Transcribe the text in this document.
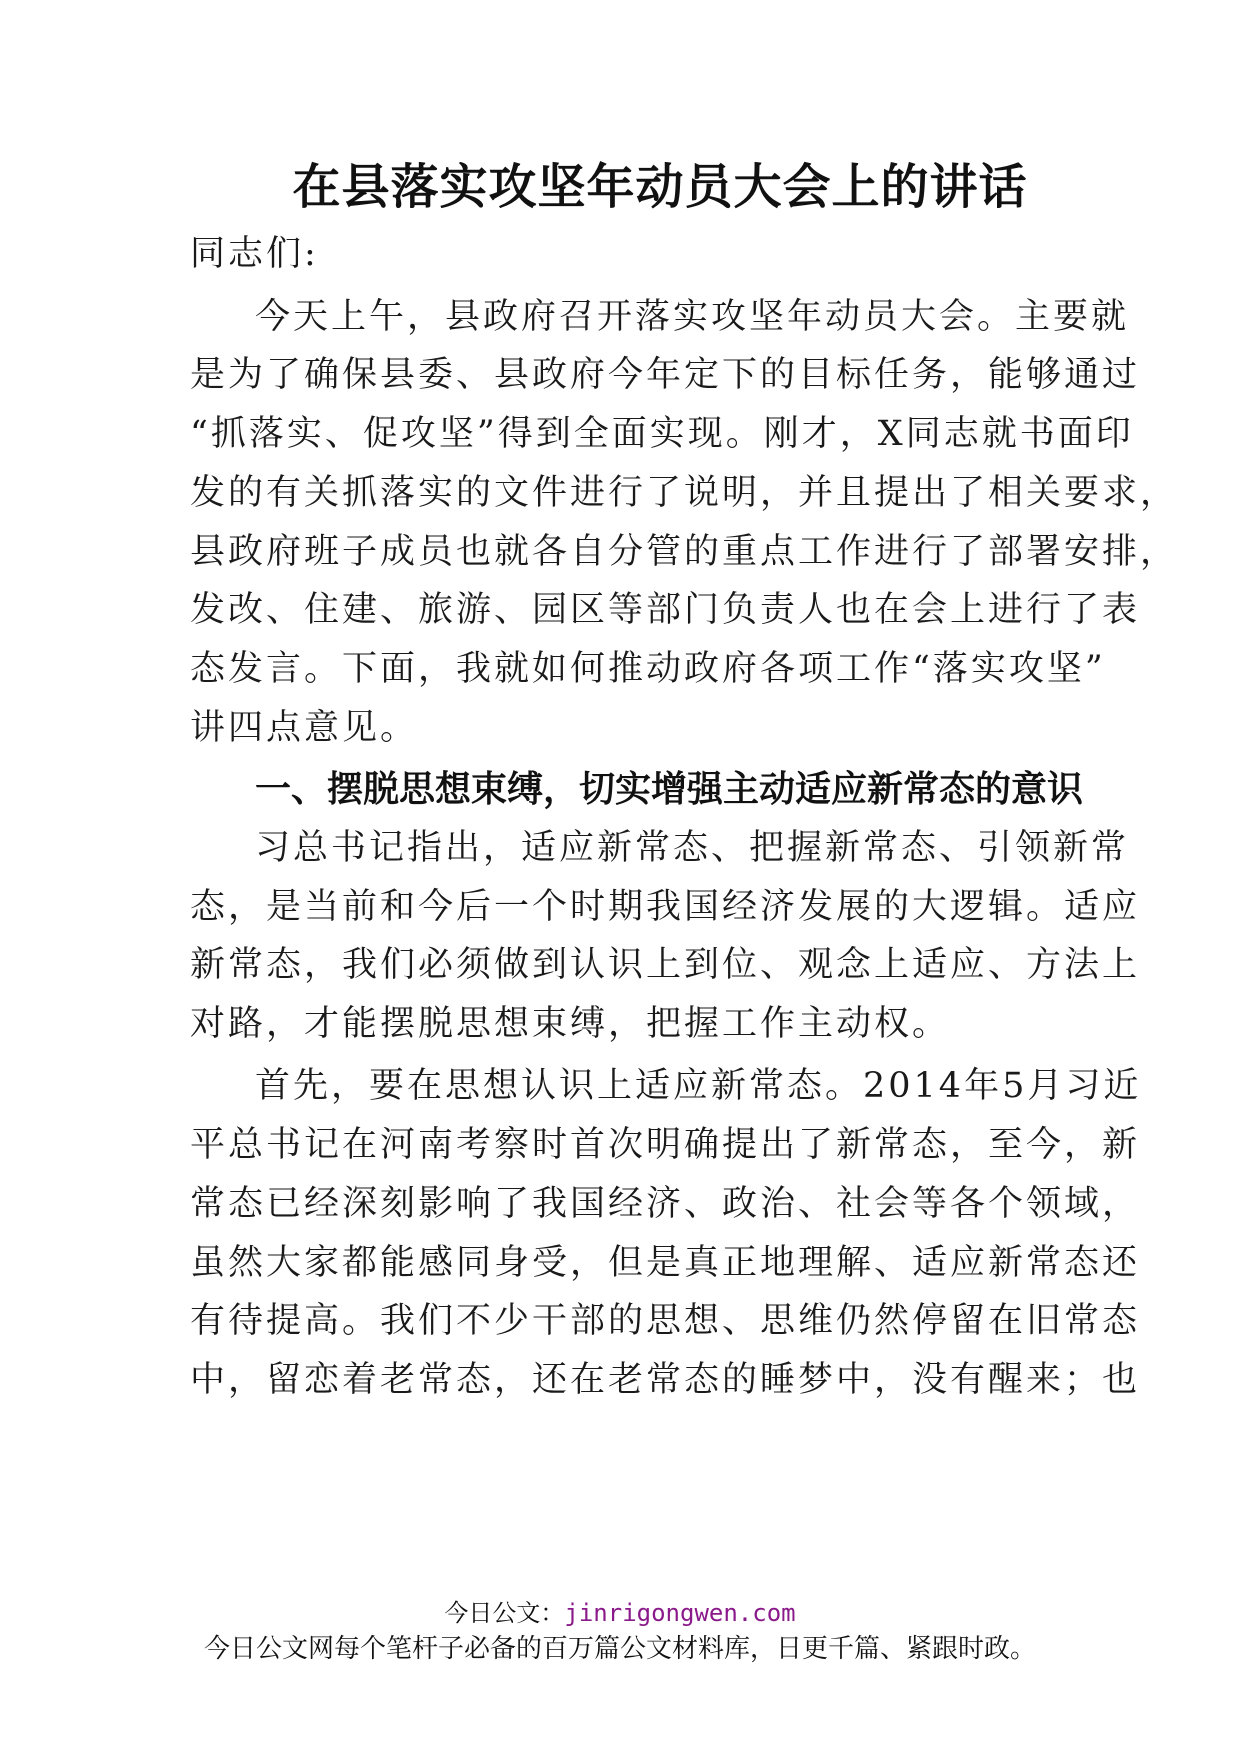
在县落实攻坚年动员大会上的讲话
同志们:
今天上午，县政府召开落实攻坚年动员大会。主要就
是为了确保县委、县政府今年定下的目标任务，能够通过
“抓落实、促攻坚”得到全面实现。刚才，X同志就书面印
发的有关抓落实的文件进行了说明，并且提出了相关要求，
县政府班子成员也就各自分管的重点工作进行了部署安排，
发改、住建、旅游、园区等部门负责人也在会上进行了表
态发言。下面，我就如何推动政府各项工作“落实攻坚”
讲四点意见。
一、摆脱思想束缚，切实增强主动适应新常态的意识
习总书记指出，适应新常态、把握新常态、引领新常
态，是当前和今后一个时期我国经济发展的大逻辑。适应
新常态，我们必须做到认识上到位、观念上适应、方法上
对路，才能摆脱思想束缚，把握工作主动权。
首先，要在思想认识上适应新常态。2014年5月习近
平总书记在河南考察时首次明确提出了新常态，至今，新
常态已经深刻影响了我国经济、政治、社会等各个领域，
虽然大家都能感同身受，但是真正地理解、适应新常态还
有待提高。我们不少干部的思想、思维仍然停留在旧常态
中，留恋着老常态，还在老常态的睡梦中，没有醒来；也
今日公文：jinrigongwen.com
今日公文网每个笔杆子必备的百万篇公文材料库，日更千篇、紧跟时政。
